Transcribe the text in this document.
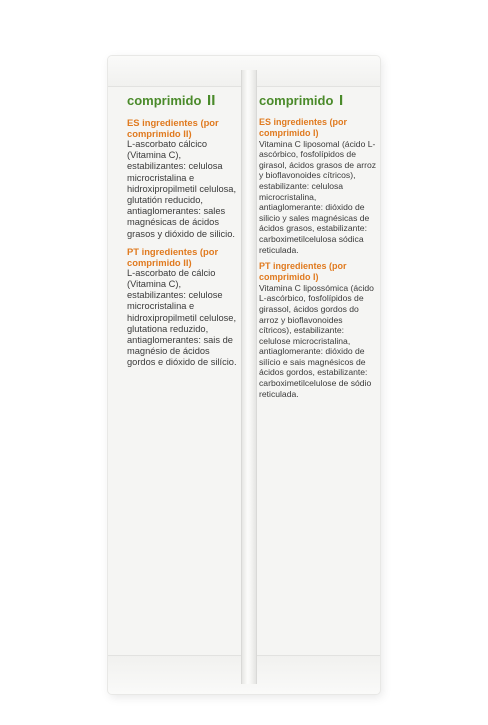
comprimido II
ES ingredientes (por comprimido II)
L-ascorbato cálcico (Vitamina C), estabilizantes: celulosa microcristalina e hidroxipropilmetil celulosa, glutatión reducido, antiaglomerantes: sales magnésicas de ácidos grasos y dióxido de silicio.
PT ingredientes (por comprimido II)
L-ascorbato de cálcio (Vitamina C), estabilizantes: celulose microcristalina e hidroxipropilmetil celulose, glutationa reduzido, antiaglomerantes: sais de magnésio de ácidos gordos e dióxido de silício.
comprimido I
ES ingredientes (por comprimido I)
Vitamina C liposomal (ácido L-ascórbico, fosfolípidos de girasol, ácidos grasos de arroz y bioflavonoides cítricos), estabilizante: celulosa microcristalina, antiaglomerante: dióxido de silicio y sales magnésicas de ácidos grasos, estabilizante: carboximetilcelulosa sódica reticulada.
PT ingredientes (por comprimido I)
Vitamina C lipossómica (ácido L-ascórbico, fosfolípidos de girassol, ácidos gordos do arroz y bioflavonoides cítricos), estabilizante: celulose microcristalina, antiaglomerante: dióxido de silício e sais magnésicos de ácidos gordos, estabilizante: carboximetilcelulose de sódio reticulada.
